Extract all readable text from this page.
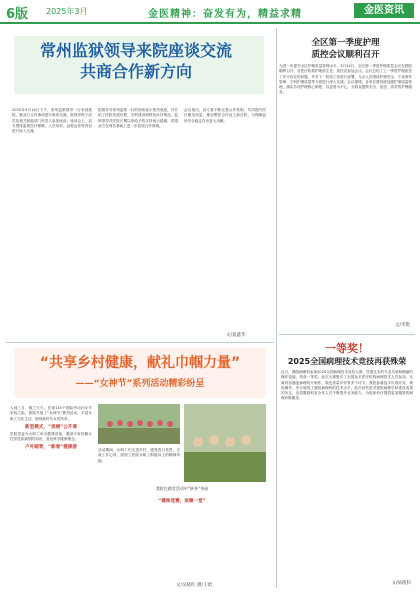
6版 2025年3月	金医精神：奋发有为，精益求精	金医资讯
常州监狱领导来院座谈交流
共商合作新方向

2025年3月14日下午，常州监狱领导一行来到我院，就双方合作事项进行座谈交流。院领导班子成员及相关职能部门负责人参加座谈。座谈会上，双方围绕监狱医疗保障、人员培训、远程会诊等内容进行深入交流。

院领导对常州监狱一行的到来表示热烈欢迎，并介绍了医院发展历程、学科建设和特色诊疗情况。监狱领导对医院长期以来给予的支持表示感谢，希望双方在现有基础上进一步拓展合作领域。

会议指出，双方将不断完善合作机制，共同提升医疗服务质量，推动警医合作迈上新台阶，为保障监所安全稳定作出更大贡献。

文/夏鑫华
全区第一季度护理
质控会议顺利召开

为进一步提升全区护理质量管理水平，3月14日，全区第一季度护理质控会议在我院顺利召开。各医疗机构护理部主任、质控员参加会议。会议总结了上一季度护理质控工作中存在的问题，并对下一阶段工作进行部署。与会人员围绕护理安全、不良事件管理、专科护理质量等方面进行深入交流。会议强调，各单位要持续加强护理质量管理，落实各项护理核心制度，以患者为中心，为群众提供安全、优质、高效的护理服务。

文/李艳
“共享乡村健康，献礼巾帼力量”
——“女神节”系列活动精彩纷呈

人间三月，桃之夭夭。在第115个国际劳动妇女节来临之际，我院开展了“女神节”系列活动，丰富女职工文化生活，展现新时代女性风采。

新型模式，“美丽”公开课

医院党委为女职工举办健康讲座，邀请专家讲解女性常见疾病预防知识，普及科学健康理念。

户外踏青，“新春”健康游
我院在踏青活动中“转身”茶园

活动期间，女职工们走进乡村，感受春日美景，交流工作心得，展现了医院女职工积极向上的精神风貌。

“趣味竞赛，欢聚一堂”
文/吴晓红 摄/王珺
一等奖！
2025全国病理技术竞技再获殊荣

近日，我院病理科参加2025全国病理技术竞技大赛，凭借扎实的专业功底和精湛的操作技能，荣获一等奖。此次大赛吸引了全国众多医疗机构病理技术人员参加，比赛内容涵盖病理切片制作、染色质量评价等多个环节。我院参赛选手沉着应对，规范操作，充分展现了我院病理科的技术水平。此次获奖是对我院病理学科建设成果的肯定，也将激励科室全体人员不断提升业务能力，为临床诊疗提供更加精准的病理诊断服务。

文/病理科
